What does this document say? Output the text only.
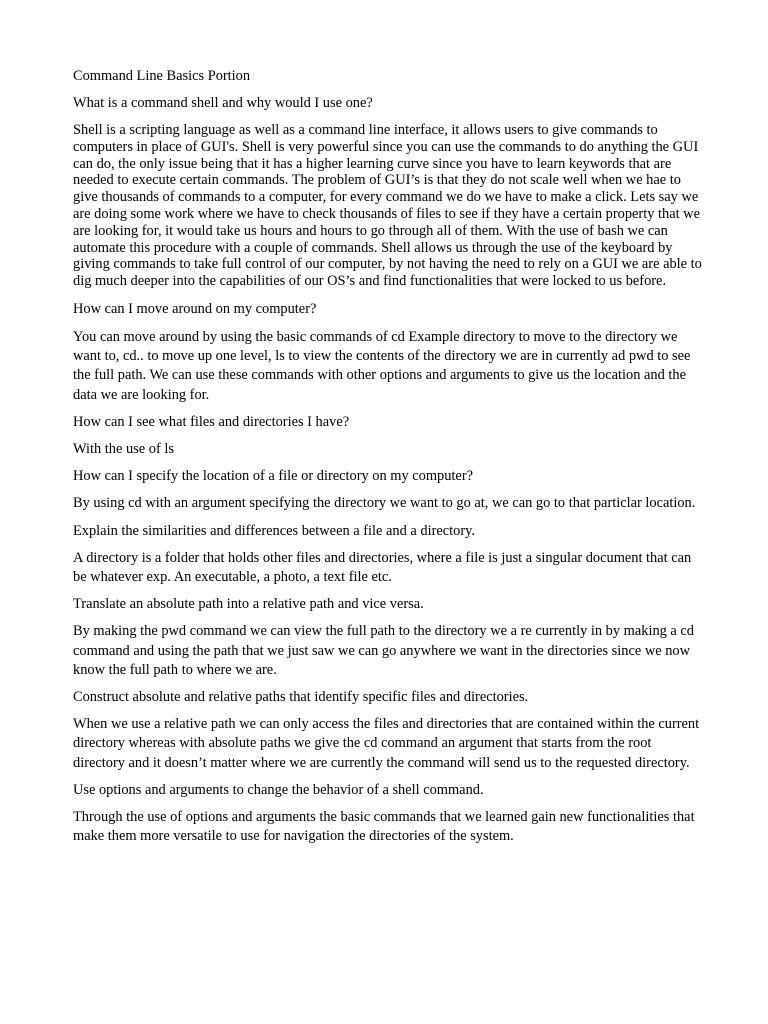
Command Line Basics Portion

What is a command shell and why would I use one?

Shell is a scripting language as well as a command line interface, it allows users to give commands to computers in place of GUI's. Shell is very powerful since you can use the commands to do anything the GUI can do, the only issue being that it has a higher learning curve since you have to learn keywords that are needed to execute certain commands. The problem of GUI’s is that they do not scale well when we hae to give thousands of commands to a computer, for every command we do we have to make a click. Lets say we are doing some work where we have to check thousands of files to see if they have a certain property that we are looking for, it would take us hours and hours to go through all of them. With the use of bash we can automate this procedure with a couple of commands. Shell allows us through the use of the keyboard by giving commands to take full control of our computer, by not having the need to rely on a GUI we are able to dig much deeper into the capabilities of our OS’s and find functionalities that were locked to us before.

How can I move around on my computer?

You can move around by using the basic commands of cd Example directory to move to the directory we want to, cd.. to move up one level, ls to view the contents of the directory we are in currently ad pwd to see the full path. We can use these commands with other options and arguments to give us the location and the data we are looking for.

How can I see what files and directories I have?

With the use of ls

How can I specify the location of a file or directory on my computer?

By using cd with an argument specifying the directory we want to go at, we can go to that particlar location.

Explain the similarities and differences between a file and a directory.

A directory is a folder that holds other files and directories, where a file is just a singular document that can be whatever exp. An executable, a photo, a text file etc.

Translate an absolute path into a relative path and vice versa.

By making the pwd command we can view the full path to the directory we a re currently in by making a cd command and using the path that we just saw we can go anywhere we want in the directories since we now know the full path to where we are.

Construct absolute and relative paths that identify specific files and directories.

When we use a relative path we can only access the files and directories that are contained within the current directory whereas with absolute paths we give the cd command an argument that starts from the root directory and it doesn’t matter where we are currently the command will send us to the requested directory.

Use options and arguments to change the behavior of a shell command.

Through the use of options and arguments the basic commands that we learned gain new functionalities that make them more versatile to use for navigation the directories of the system.
